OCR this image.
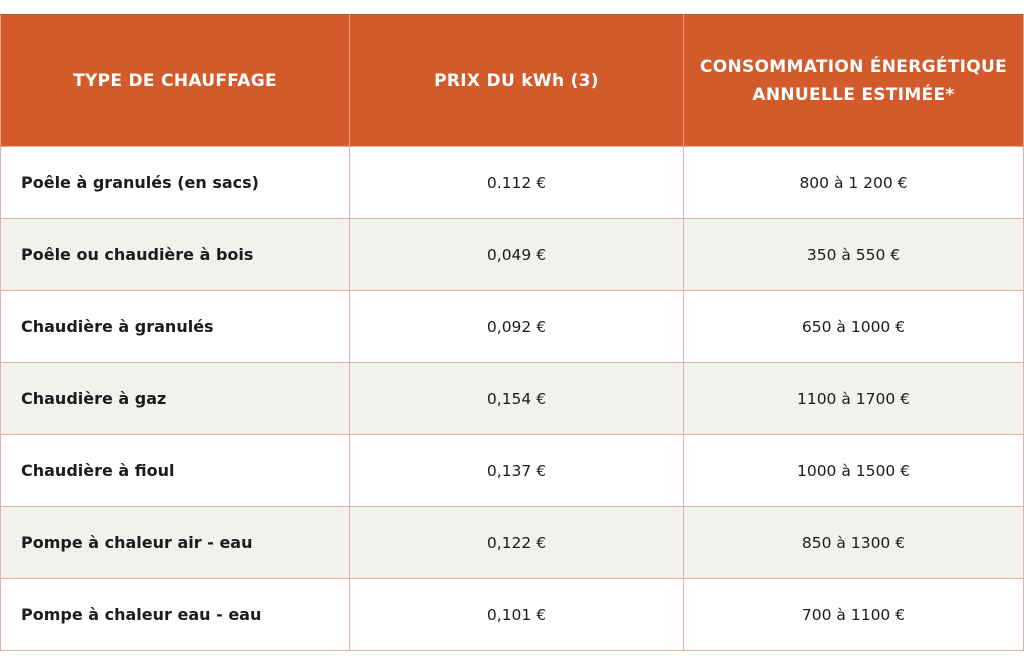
TYPE DE CHAUFFAGE	PRIX DU kWh (3)	CONSOMMATION ÉNERGÉTIQUE ANNUELLE ESTIMÉE*
Poêle à granulés (en sacs)	0.112 €	800 à 1 200 €
Poêle ou chaudière à bois	0,049 €	350 à 550 €
Chaudière à granulés	0,092 €	650 à 1000 €
Chaudière à gaz	0,154 €	1100 à 1700 €
Chaudière à fioul	0,137 €	1000 à 1500 €
Pompe à chaleur air - eau	0,122 €	850 à 1300 €
Pompe à chaleur eau - eau	0,101 €	700 à 1100 €
